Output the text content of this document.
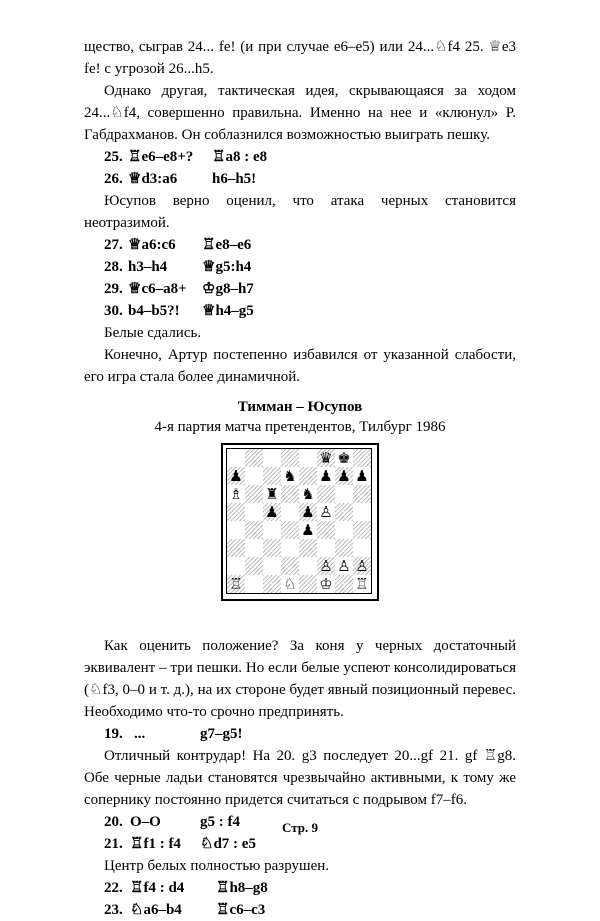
щество, сыграв 24... fe! (и при случае e6–e5) или 24...♘f4 25. ♕e3 fe! с угрозой 26...h5.

Однако другая, тактическая идея, скрывающаяся за ходом 24...♘f4, совершенно правильна. Именно на нее и «клюнул» Р. Габдрахманов. Он соблазнился возможностью выиграть пешку.

25. ♖e6–e8+? ♖a8 : e8
26. ♕d3:a6 h6–h5!

Юсупов верно оценил, что атака черных становится неотразимой.

27. ♕a6:c6 ♖e8–e6
28. h3–h4 ♕g5:h4
29. ♕c6–a8+ ♔g8–h7
30. b4–b5?! ♕h4–g5

Белые сдались.

Конечно, Артур постепенно избавился от указанной слабости, его игра стала более динамичной.

Тимман – Юсупов
4-я партия матча претендентов, Тилбург 1986
♛ ♚
♟	♞ ♟ ♟ ♟
♗ ♜ ♞
♟ ♟ ♙
♟
♙ ♙ ♙
♖	♘ ♔ ♖

Как оценить положение? За коня у черных достаточный эквивалент – три пешки. Но если белые успеют консолидироваться (♘f3, 0–0 и т. д.), на их стороне будет явный позиционный перевес. Необходимо что-то срочно предпринять.

19. ...	g7–g5!

Отличный контрудар! На 20. g3 последует 20...gf 21. gf ♖g8. Обе черные ладьи становятся чрезвычайно активными, к тому же сопернику постоянно придется считаться с подрывом f7–f6.

20. O–O	g5 : f4
21. ♖f1 : f4 ♘d7 : e5

Центр белых полностью разрушен.

22. ♖f4 : d4 ♖h8–g8
23. ♘a6–b4 ♖c6–c3
Стр. 9
